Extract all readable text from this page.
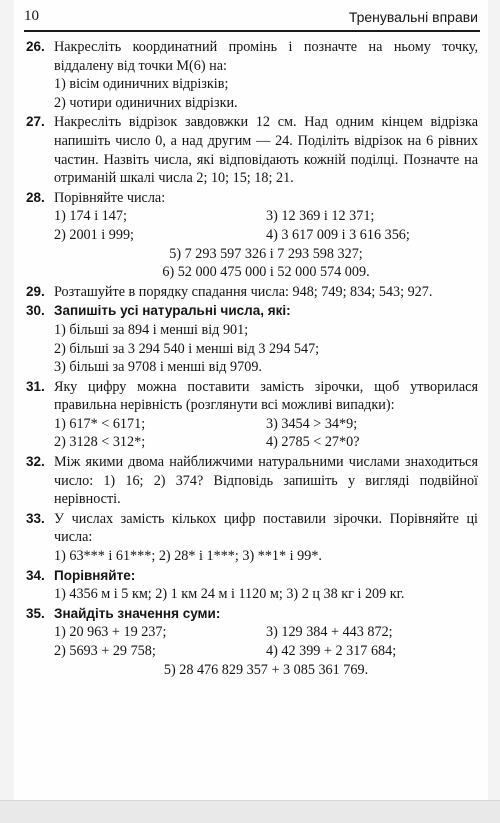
10	Тренувальні вправи
26. Накресліть координатний промінь і позначте на ньому точку, віддалену від точки M(6) на:
1) вісім одиничних відрізків;
2) чотири одиничних відрізки.
27. Накресліть відрізок завдовжки 12 см. Над одним кінцем відрізка напишіть число 0, а над другим — 24. Поділіть відрізок на 6 рівних частин. Назвіть числа, які відповідають кожній поділці. Позначте на отриманій шкалі числа 2; 10; 15; 18; 21.
28. Порівняйте числа:
1) 174 і 147;	3) 12 369 і 12 371;
2) 2001 і 999;	4) 3 617 009 і 3 616 356;
5) 7 293 597 326 і 7 293 598 327;
6) 52 000 475 000 і 52 000 574 009.
29. Розташуйте в порядку спадання числа: 948; 749; 834; 543; 927.
30. Запишіть усі натуральні числа, які:
1) більші за 894 і менші від 901;
2) більші за 3 294 540 і менші від 3 294 547;
3) більші за 9708 і менші від 9709.
31. Яку цифру можна поставити замість зірочки, щоб утворилася правильна нерівність (розглянути всі можливі випадки):
1) 617* < 6171;	3) 3454 > 34*9;
2) 3128 < 312*;	4) 2785 < 27*0?
32. Між якими двома найближчими натуральними числами знаходиться число: 1) 16; 2) 374? Відповідь запишіть у вигляді подвійної нерівності.
33. У числах замість кількох цифр поставили зірочки. Порівняйте ці числа:
1) 63*** і 61***; 2) 28* і 1***; 3) **1* і 99*.
34. Порівняйте:
1) 4356 м і 5 км; 2) 1 км 24 м і 1120 м; 3) 2 ц 38 кг і 209 кг.
35. Знайдіть значення суми:
1) 20 963 + 19 237;	3) 129 384 + 443 872;
2) 5693 + 29 758;	4) 42 399 + 2 317 684;
5) 28 476 829 357 + 3 085 361 769.
